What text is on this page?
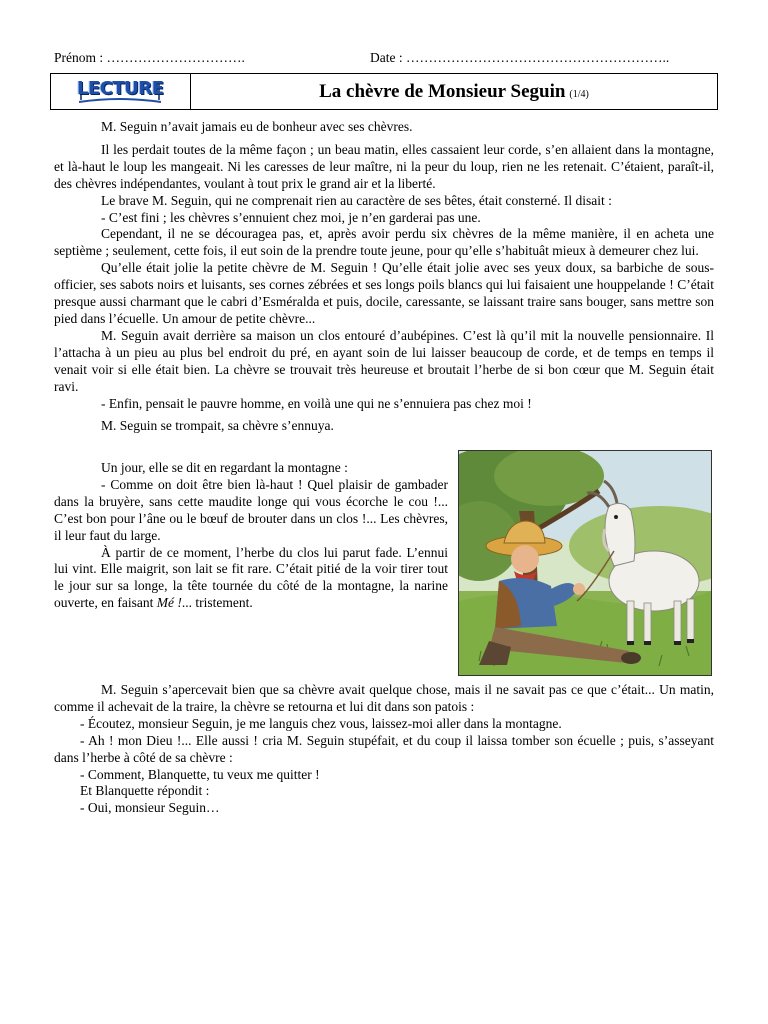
Prénom : ………………………….	Date : …………………………………………………..
LECTURE	La chèvre de Monsieur Seguin (1/4)

M. Seguin n’avait jamais eu de bonheur avec ses chèvres.

Il les perdait toutes de la même façon ; un beau matin, elles cassaient leur corde, s’en allaient dans la montagne, et là-haut le loup les mangeait. Ni les caresses de leur maître, ni la peur du loup, rien ne les retenait. C’étaient, paraît-il, des chèvres indépendantes, voulant à tout prix le grand air et la liberté.

Le brave M. Seguin, qui ne comprenait rien au caractère de ses bêtes, était consterné. Il disait :

- C’est fini ; les chèvres s’ennuient chez moi, je n’en garderai pas une.

Cependant, il ne se découragea pas, et, après avoir perdu six chèvres de la même manière, il en acheta une septième ; seulement, cette fois, il eut soin de la prendre toute jeune, pour qu’elle s’habituât mieux à demeurer chez lui.

Qu’elle était jolie la petite chèvre de M. Seguin ! Qu’elle était jolie avec ses yeux doux, sa barbiche de sous-officier, ses sabots noirs et luisants, ses cornes zébrées et ses longs poils blancs qui lui faisaient une houppelande ! C’était presque aussi charmant que le cabri d’Esméralda et puis, docile, caressante, se laissant traire sans bouger, sans mettre son pied dans l’écuelle. Un amour de petite chèvre...

M. Seguin avait derrière sa maison un clos entouré d’aubépines. C’est là qu’il mit la nouvelle pensionnaire. Il l’attacha à un pieu au plus bel endroit du pré, en ayant soin de lui laisser beaucoup de corde, et de temps en temps il venait voir si elle était bien. La chèvre se trouvait très heureuse et broutait l’herbe de si bon cœur que M. Seguin était ravi.

- Enfin, pensait le pauvre homme, en voilà une qui ne s’ennuiera pas chez moi !

M. Seguin se trompait, sa chèvre s’ennuya.

Un jour, elle se dit en regardant la montagne :

- Comme on doit être bien là-haut ! Quel plaisir de gambader dans la bruyère, sans cette maudite longe qui vous écorche le cou !... C’est bon pour l’âne ou le bœuf de brouter dans un clos !... Les chèvres, il leur faut du large.

À partir de ce moment, l’herbe du clos lui parut fade. L’ennui lui vint. Elle maigrit, son lait se fit rare. C’était pitié de la voir tirer tout le jour sur sa longe, la tête tournée du côté de la montagne, la narine ouverte, en faisant Mé !... tristement.

M. Seguin s’apercevait bien que sa chèvre avait quelque chose, mais il ne savait pas ce que c’était... Un matin, comme il achevait de la traire, la chèvre se retourna et lui dit dans son patois :

- Écoutez, monsieur Seguin, je me languis chez vous, laissez-moi aller dans la montagne.

- Ah ! mon Dieu !... Elle aussi ! cria M. Seguin stupéfait, et du coup il laissa tomber son écuelle ; puis, s’asseyant dans l’herbe à côté de sa chèvre :

- Comment, Blanquette, tu veux me quitter !

Et Blanquette répondit :

- Oui, monsieur Seguin…
